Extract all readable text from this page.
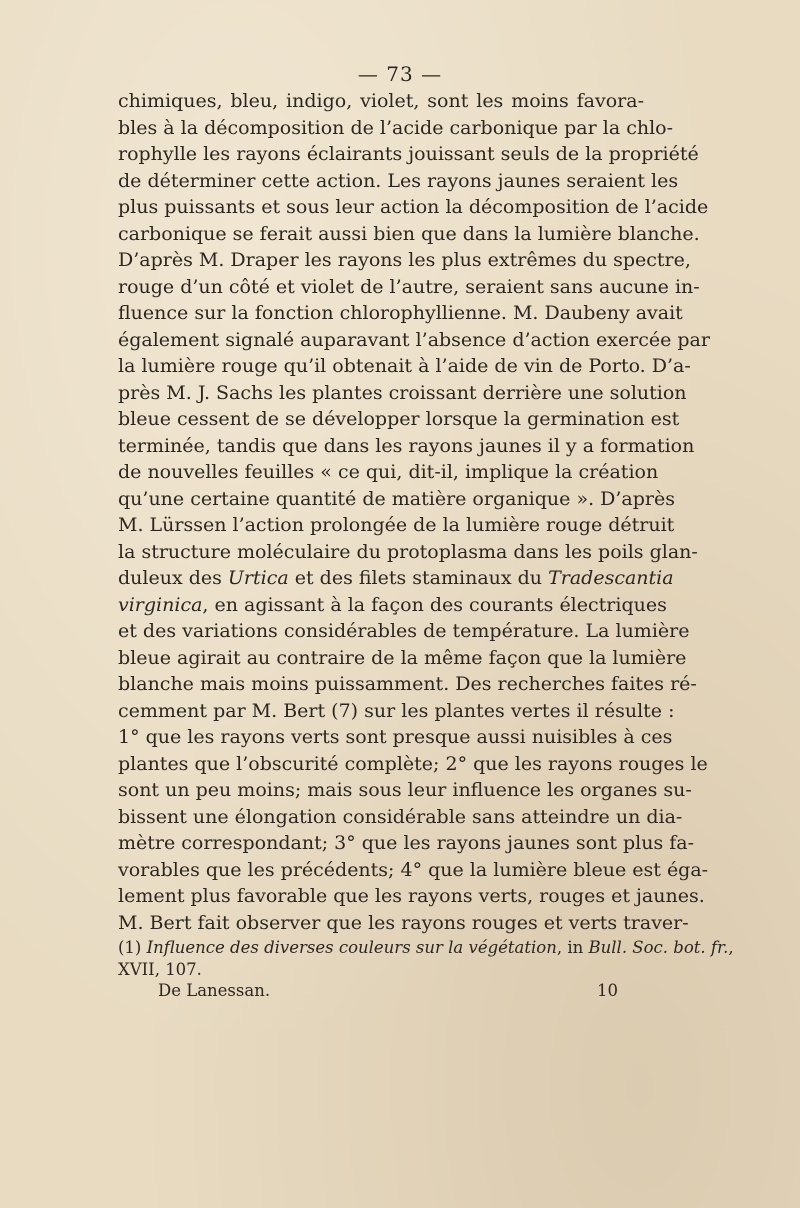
— 73 —
chimiques, bleu, indigo, violet, sont les moins favora-
bles à la décomposition de l’acide carbonique par la chlo-
rophylle les rayons éclairants jouissant seuls de la propriété
de déterminer cette action. Les rayons jaunes seraient les
plus puissants et sous leur action la décomposition de l’acide
carbonique se ferait aussi bien que dans la lumière blanche.
D’après M. Draper les rayons les plus extrêmes du spectre,
rouge d’un côté et violet de l’autre, seraient sans aucune in-
fluence sur la fonction chlorophyllienne. M. Daubeny avait
également signalé auparavant l’absence d’action exercée par
la lumière rouge qu’il obtenait à l’aide de vin de Porto. D’a-
près M. J. Sachs les plantes croissant derrière une solution
bleue cessent de se développer lorsque la germination est
terminée, tandis que dans les rayons jaunes il y a formation
de nouvelles feuilles « ce qui, dit-il, implique la création
qu’une certaine quantité de matière organique ». D’après
M. Lürssen l’action prolongée de la lumière rouge détruit
la structure moléculaire du protoplasma dans les poils glan-
duleux des Urtica et des filets staminaux du Tradescantia
virginica, en agissant à la façon des courants électriques
et des variations considérables de température. La lumière
bleue agirait au contraire de la même façon que la lumière
blanche mais moins puissamment. Des recherches faites ré-
cemment par M. Bert (7) sur les plantes vertes il résulte :
1° que les rayons verts sont presque aussi nuisibles à ces
plantes que l’obscurité complète; 2° que les rayons rouges le
sont un peu moins; mais sous leur influence les organes su-
bissent une élongation considérable sans atteindre un dia-
mètre correspondant; 3° que les rayons jaunes sont plus fa-
vorables que les précédents; 4° que la lumière bleue est éga-
lement plus favorable que les rayons verts, rouges et jaunes.
M. Bert fait observer que les rayons rouges et verts traver-
(1) Influence des diverses couleurs sur la végétation, in Bull. Soc. bot. fr.,
XVII, 107.
De Lanessan.	10
